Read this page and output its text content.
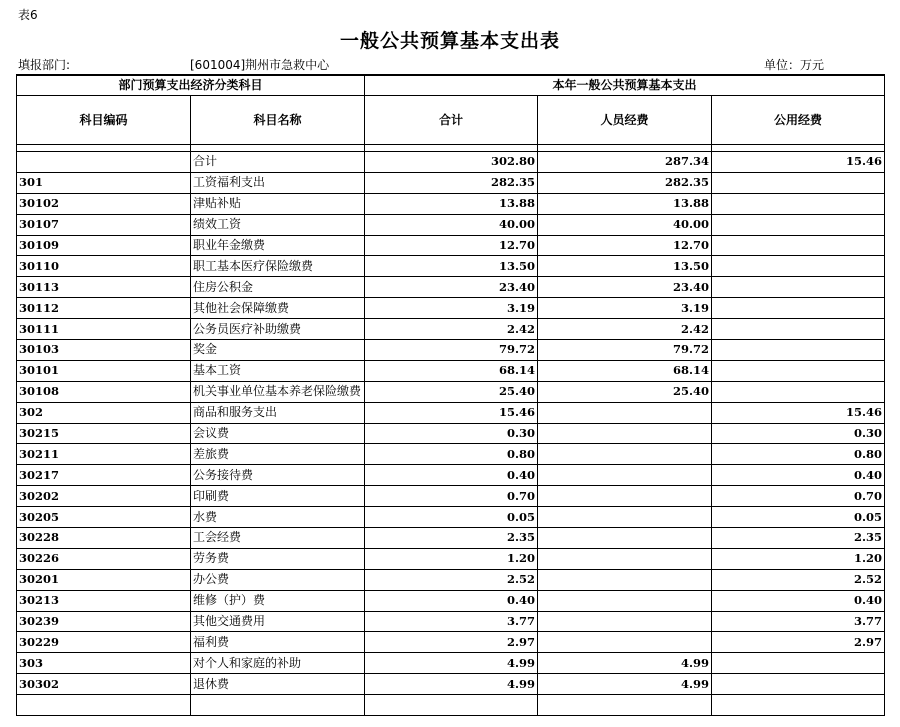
表6
一般公共预算基本支出表
填报部门:	[601004]荆州市急救中心	单位：万元
部门预算支出经济分类科目		本年一般公共预算基本支出		
科目编码	科目名称	合计	人员经费	公用经费

	合计	302.80	287.34	15.46
301	工资福利支出	282.35	282.35	
30102	津贴补贴	13.88	13.88	
30107	绩效工资	40.00	40.00	
30109	职业年金缴费	12.70	12.70	
30110	职工基本医疗保险缴费	13.50	13.50	
30113	住房公积金	23.40	23.40	
30112	其他社会保障缴费	3.19	3.19	
30111	公务员医疗补助缴费	2.42	2.42	
30103	奖金	79.72	79.72	
30101	基本工资	68.14	68.14	
30108	机关事业单位基本养老保险缴费	25.40	25.40	
302	商品和服务支出	15.46		15.46
30215	会议费	0.30		0.30
30211	差旅费	0.80		0.80
30217	公务接待费	0.40		0.40
30202	印刷费	0.70		0.70
30205	水费	0.05		0.05
30228	工会经费	2.35		2.35
30226	劳务费	1.20		1.20
30201	办公费	2.52		2.52
30213	维修（护）费	0.40		0.40
30239	其他交通费用	3.77		3.77
30229	福利费	2.97		2.97
303	对个人和家庭的补助	4.99	4.99	
30302	退休费	4.99	4.99	
